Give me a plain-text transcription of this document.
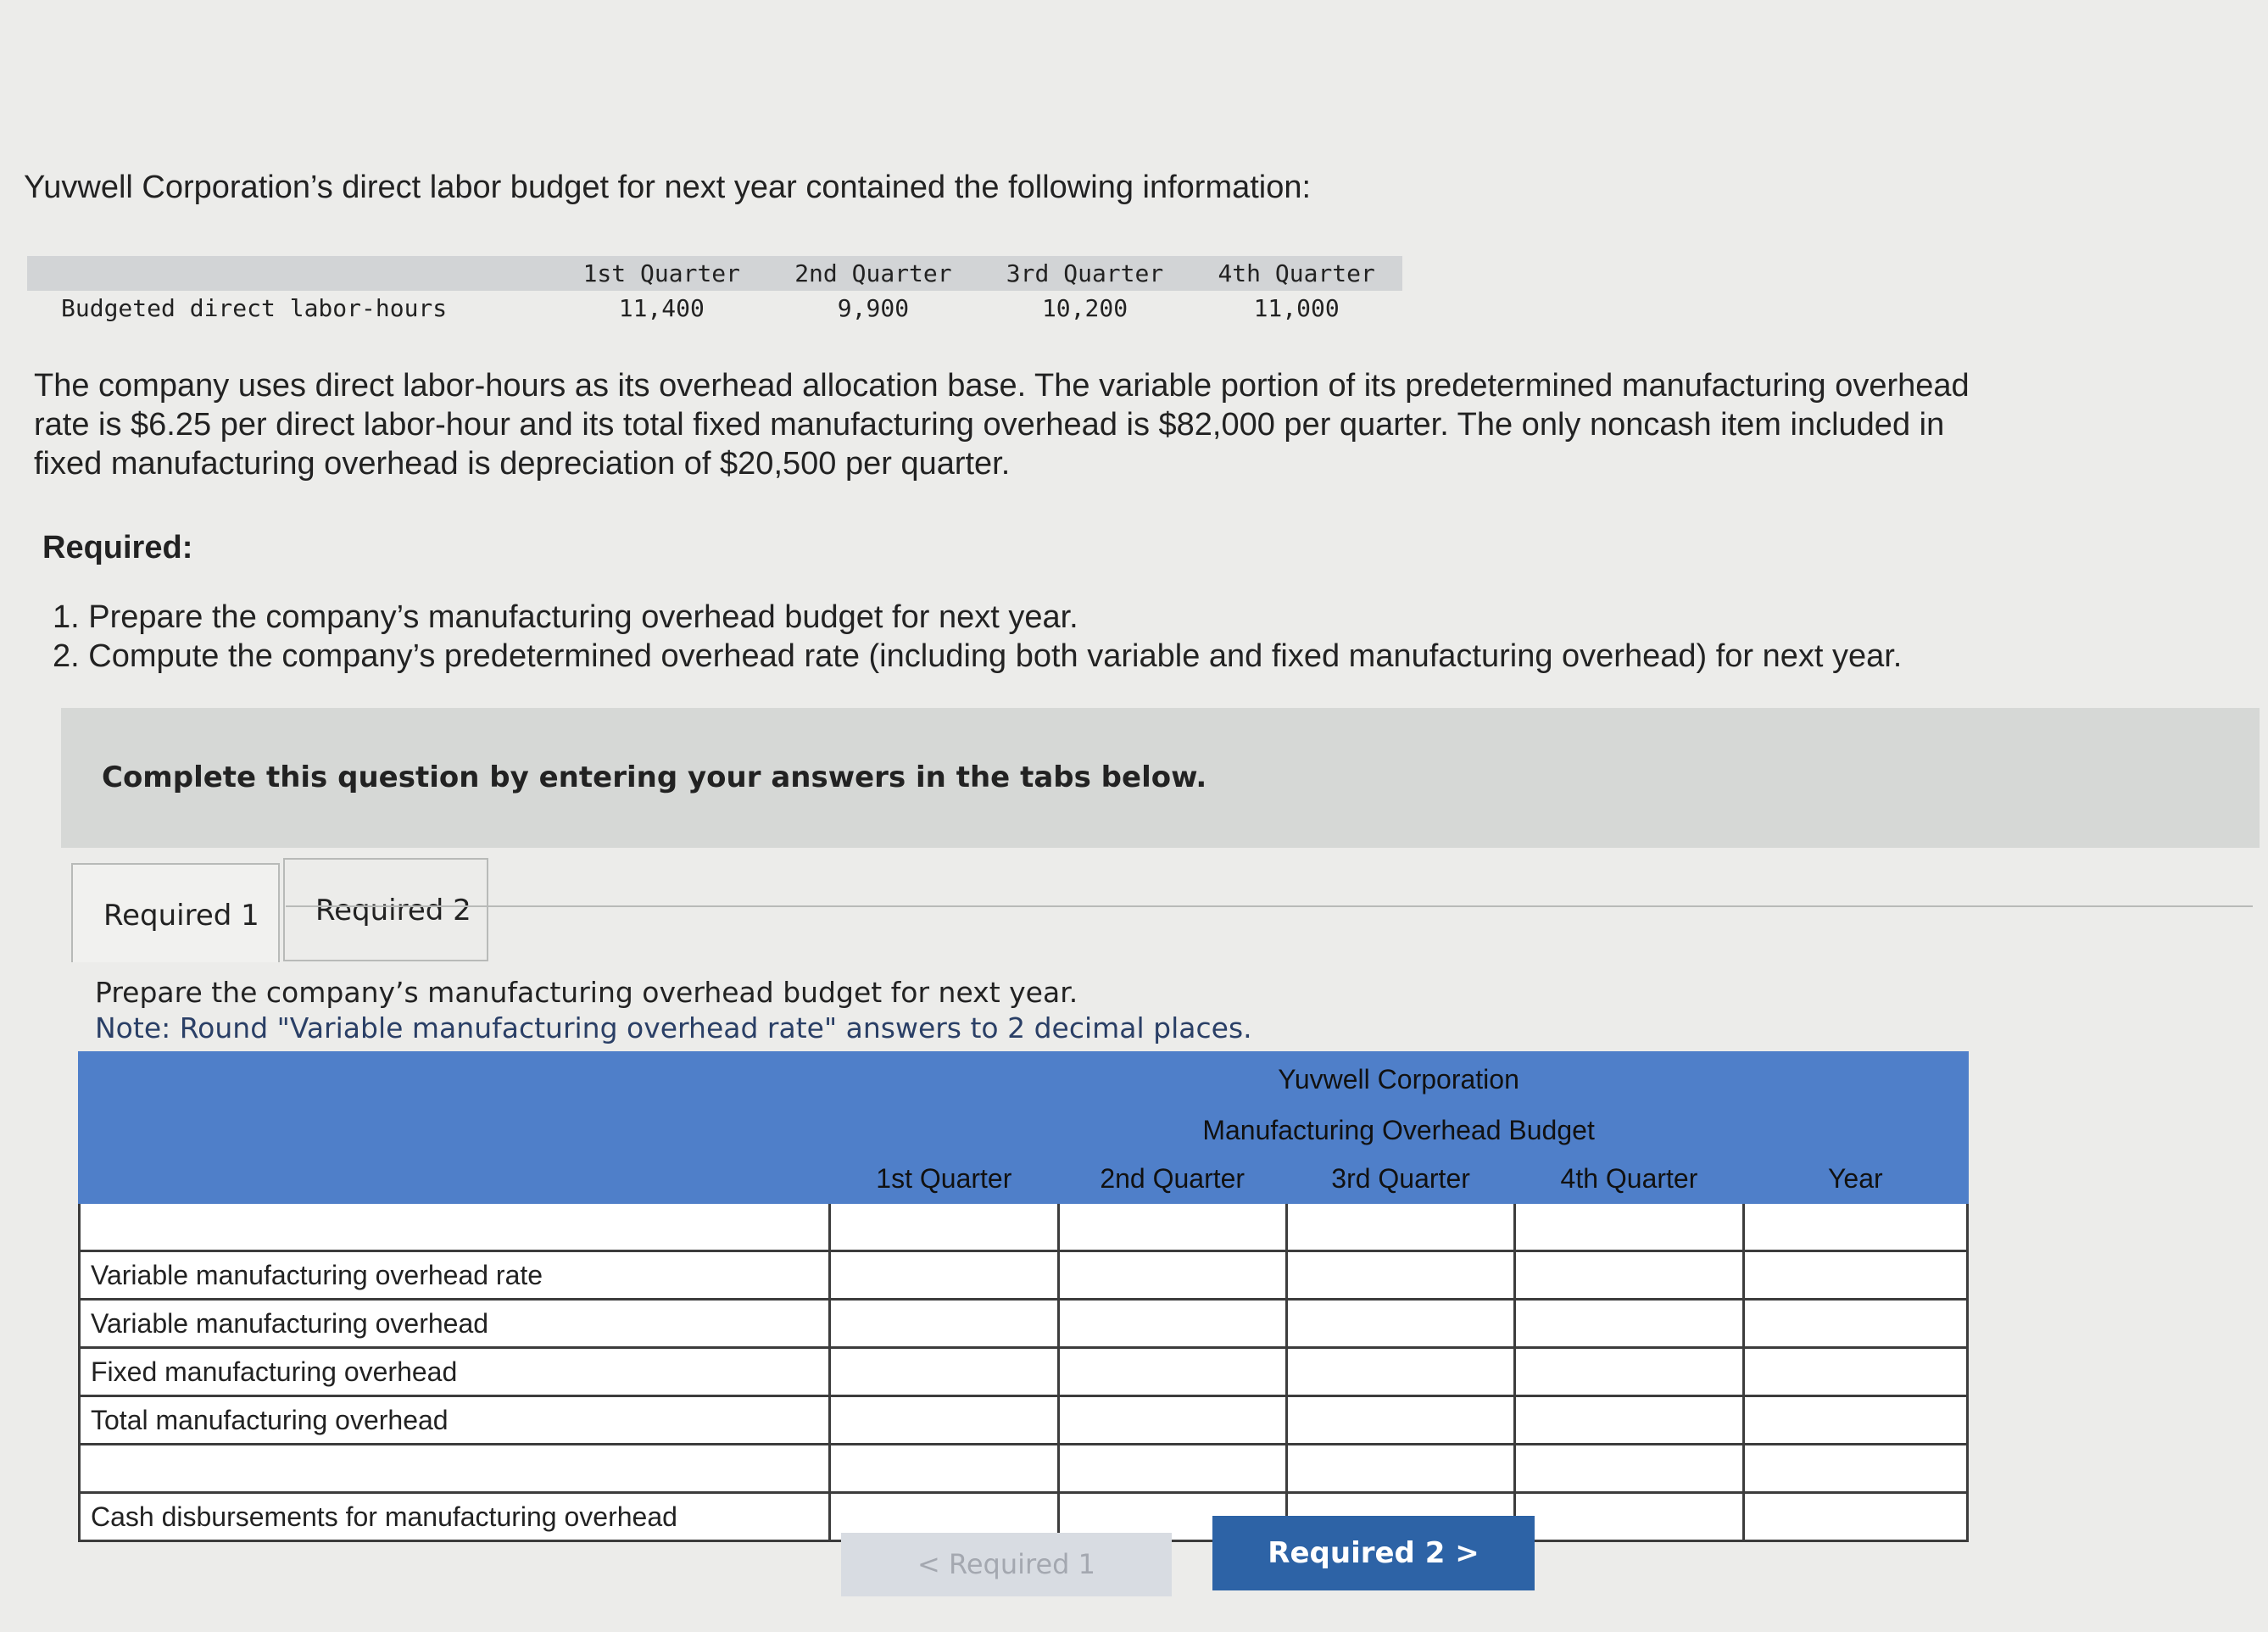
Yuvwell Corporation’s direct labor budget for next year contained the following information:
	1st Quarter	2nd Quarter	3rd Quarter	4th Quarter
Budgeted direct labor-hours	11,400	9,900	10,200	11,000
The company uses direct labor-hours as its overhead allocation base. The variable portion of its predetermined manufacturing overhead rate is $6.25 per direct labor-hour and its total fixed manufacturing overhead is $82,000 per quarter. The only noncash item included in fixed manufacturing overhead is depreciation of $20,500 per quarter.
Required:
1. Prepare the company’s manufacturing overhead budget for next year.
2. Compute the company’s predetermined overhead rate (including both variable and fixed manufacturing overhead) for next year.
Complete this question by entering your answers in the tabs below.
Required 1 Required 2
Prepare the company’s manufacturing overhead budget for next year.
Note: Round "Variable manufacturing overhead rate" answers to 2 decimal places.
	Yuvwell Corporation				
	Manufacturing Overhead Budget				
	1st Quarter	2nd Quarter	3rd Quarter	4th Quarter	Year

Variable manufacturing overhead rate					
Variable manufacturing overhead					
Fixed manufacturing overhead					
Total manufacturing overhead					

Cash disbursements for manufacturing overhead					
< Required 1	Required 2 >
